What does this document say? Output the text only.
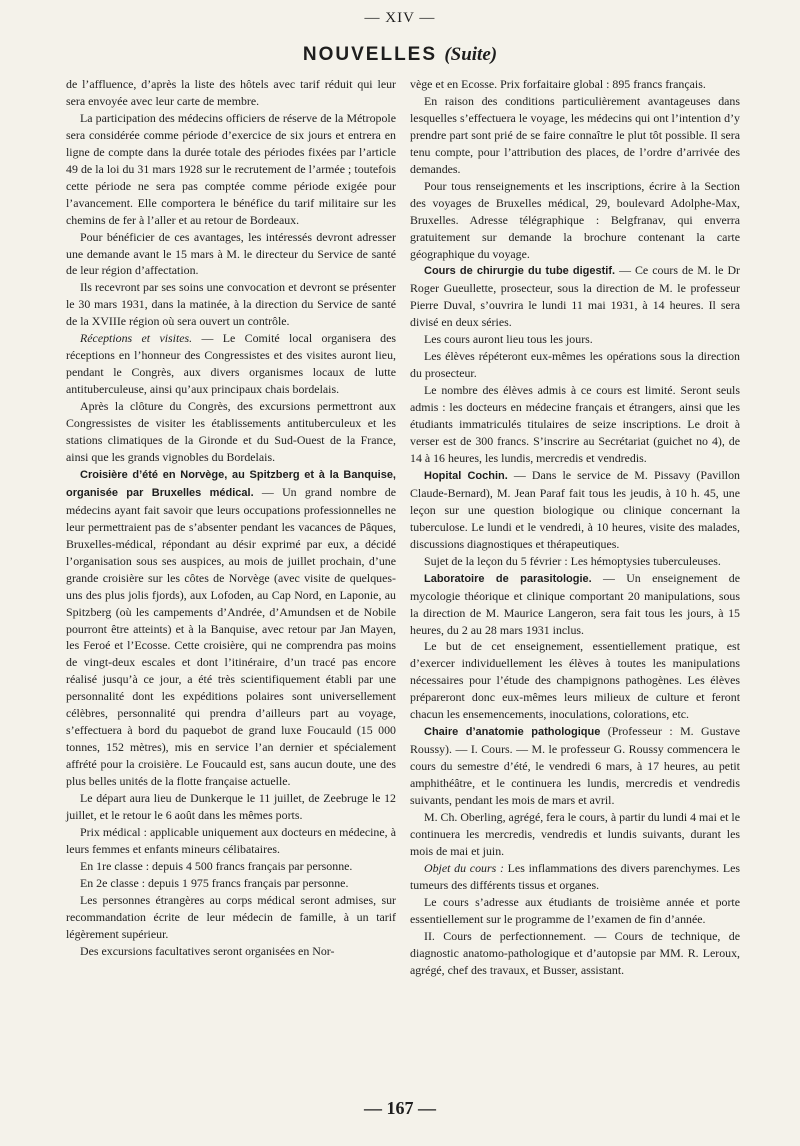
— XIV —
NOUVELLES (Suite)

de l’affluence, d’après la liste des hôtels avec tarif réduit qui leur sera envoyée avec leur carte de membre.

La participation des médecins officiers de réserve de la Métropole sera considérée comme période d’exercice de six jours et entrera en ligne de compte dans la durée totale des périodes fixées par l’article 49 de la loi du 31 mars 1928 sur le recrutement de l’armée ; toutefois cette période ne sera pas comptée comme période exigée pour l’avancement. Elle comportera le bénéfice du tarif militaire sur les chemins de fer à l’aller et au retour de Bordeaux.

Pour bénéficier de ces avantages, les intéressés devront adresser une demande avant le 15 mars à M. le directeur du Service de santé de leur région d’affectation.

Ils recevront par ses soins une convocation et devront se présenter le 30 mars 1931, dans la matinée, à la direction du Service de santé de la XVIIIe région où sera ouvert un contrôle.

Réceptions et visites. — Le Comité local organisera des réceptions en l’honneur des Congressistes et des visites auront lieu, pendant le Congrès, aux divers organismes locaux de lutte antituberculeuse, ainsi qu’aux principaux chais bordelais.

Après la clôture du Congrès, des excursions permettront aux Congressistes de visiter les établissements antituberculeux et les stations climatiques de la Gironde et du Sud-Ouest de la France, ainsi que les grands vignobles du Bordelais.

Croisière d’été en Norvège, au Spitzberg et à la Banquise, organisée par Bruxelles médical. — Un grand nombre de médecins ayant fait savoir que leurs occupations professionnelles ne leur permettraient pas de s’absenter pendant les vacances de Pâques, Bruxelles-médical, répondant au désir exprimé par eux, a décidé l’organisation sous ses auspices, au mois de juillet prochain, d’une grande croisière sur les côtes de Norvège (avec visite de quelques-uns des plus jolis fjords), aux Lofoden, au Cap Nord, en Laponie, au Spitzberg (où les campements d’Andrée, d’Amundsen et de Nobile pourront être atteints) et à la Banquise, avec retour par Jan Mayen, les Feroé et l’Ecosse. Cette croisière, qui ne comprendra pas moins de vingt-deux escales et dont l’itinéraire, d’un tracé pas encore réalisé jusqu’à ce jour, a été très scientifiquement établi par une personnalité dont les expéditions polaires sont universellement célèbres, personnalité qui prendra d’ailleurs part au voyage, s’effectuera à bord du paquebot de grand luxe Foucauld (15 000 tonnes, 152 mètres), mis en service l’an dernier et spécialement affrété pour la croisière. Le Foucauld est, sans aucun doute, une des plus belles unités de la flotte française actuelle.

Le départ aura lieu de Dunkerque le 11 juillet, de Zeebruge le 12 juillet, et le retour le 6 août dans les mêmes ports.

Prix médical : applicable uniquement aux docteurs en médecine, à leurs femmes et enfants mineurs célibataires.

En 1re classe : depuis 4 500 francs français par personne.

En 2e classe : depuis 1 975 francs français par personne.

Les personnes étrangères au corps médical seront admises, sur recommandation écrite de leur médecin de famille, à un tarif légèrement supérieur.

Des excursions facultatives seront organisées en Nor-

vège et en Ecosse. Prix forfaitaire global : 895 francs français.

En raison des conditions particulièrement avantageuses dans lesquelles s’effectuera le voyage, les médecins qui ont l’intention d’y prendre part sont prié de se faire connaître le plut tôt possible. Il sera tenu compte, pour l’attribution des places, de l’ordre d’arrivée des demandes.

Pour tous renseignements et les inscriptions, écrire à la Section des voyages de Bruxelles médical, 29, boulevard Adolphe-Max, Bruxelles. Adresse télégraphique : Belgfranav, qui enverra gratuitement sur demande la brochure contenant la carte géographique du voyage.

Cours de chirurgie du tube digestif. — Ce cours de M. le Dr Roger Gueullette, prosecteur, sous la direction de M. le professeur Pierre Duval, s’ouvrira le lundi 11 mai 1931, à 14 heures. Il sera divisé en deux séries.

Les cours auront lieu tous les jours.

Les élèves répéteront eux-mêmes les opérations sous la direction du prosecteur.

Le nombre des élèves admis à ce cours est limité. Seront seuls admis : les docteurs en médecine français et étrangers, ainsi que les étudiants immatriculés titulaires de seize inscriptions. Le droit à verser est de 300 francs. S’inscrire au Secrétariat (guichet no 4), de 14 à 16 heures, les lundis, mercredis et vendredis.

Hopital Cochin. — Dans le service de M. Pissavy (Pavillon Claude-Bernard), M. Jean Paraf fait tous les jeudis, à 10 h. 45, une leçon sur une question biologique ou clinique concernant la tuberculose. Le lundi et le vendredi, à 10 heures, visite des malades, discussions diagnostiques et thérapeutiques.

Sujet de la leçon du 5 février : Les hémoptysies tuberculeuses.

Laboratoire de parasitologie. — Un enseignement de mycologie théorique et clinique comportant 20 manipulations, sous la direction de M. Maurice Langeron, sera fait tous les jours, à 15 heures, du 2 au 28 mars 1931 inclus.

Le but de cet enseignement, essentiellement pratique, est d’exercer individuellement les élèves à toutes les manipulations nécessaires pour l’étude des champignons pathogènes. Les élèves prépareront donc eux-mêmes leurs milieux de culture et feront chacun les ensemencements, inoculations, colorations, etc.

Chaire d’anatomie pathologique (Professeur : M. Gustave Roussy). — I. Cours. — M. le professeur G. Roussy commencera le cours du semestre d’été, le vendredi 6 mars, à 17 heures, au petit amphithéâtre, et le continuera les lundis, mercredis et vendredis suivants, pendant les mois de mars et avril.

M. Ch. Oberling, agrégé, fera le cours, à partir du lundi 4 mai et le continuera les mercredis, vendredis et lundis suivants, durant les mois de mai et juin.

Objet du cours : Les inflammations des divers parenchymes. Les tumeurs des différents tissus et organes.

Le cours s’adresse aux étudiants de troisième année et porte essentiellement sur le programme de l’examen de fin d’année.

II. Cours de perfectionnement. — Cours de technique, de diagnostic anatomo-pathologique et d’autopsie par MM. R. Leroux, agrégé, chef des travaux, et Busser, assistant.

— 167 —
